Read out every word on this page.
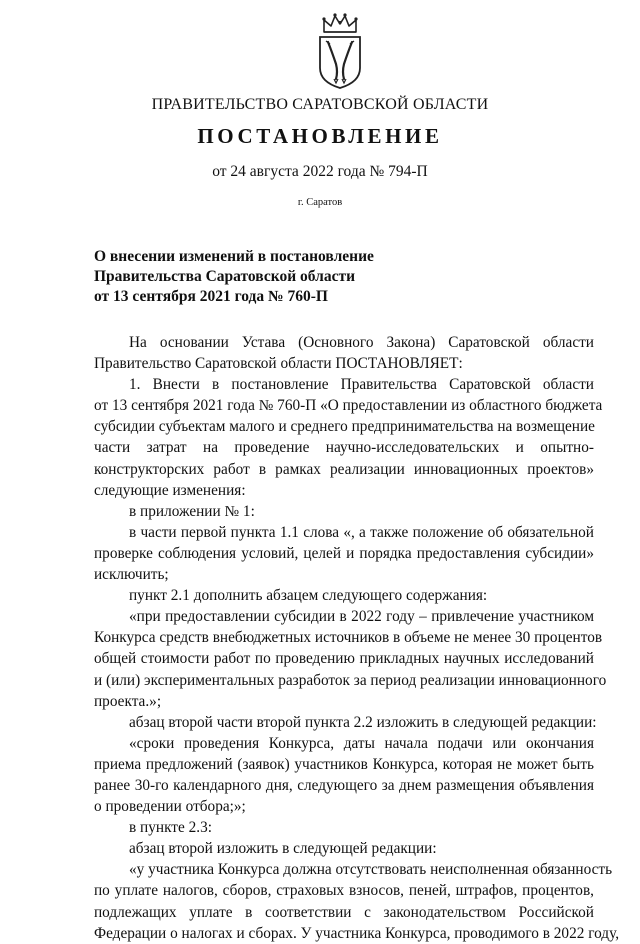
ПРАВИТЕЛЬСТВО САРАТОВСКОЙ ОБЛАСТИ
ПОСТАНОВЛЕНИЕ
от 24 августа 2022 года № 794-П
г. Саратов
О внесении изменений в постановление
Правительства Саратовской области
от 13 сентября 2021 года № 760-П
На основании Устава (Основного Закона) Саратовской области
Правительство Саратовской области ПОСТАНОВЛЯЕТ:
1. Внести в постановление Правительства Саратовской области
от 13 сентября 2021 года № 760-П «О предоставлении из областного бюджета
субсидии субъектам малого и среднего предпринимательства на возмещение
части затрат на проведение научно-исследовательских и опытно-
конструкторских работ в рамках реализации инновационных проектов»
следующие изменения:
в приложении № 1:
в части первой пункта 1.1 слова «, а также положение об обязательной
проверке соблюдения условий, целей и порядка предоставления субсидии»
исключить;
пункт 2.1 дополнить абзацем следующего содержания:
«при предоставлении субсидии в 2022 году – привлечение участником
Конкурса средств внебюджетных источников в объеме не менее 30 процентов
общей стоимости работ по проведению прикладных научных исследований
и (или) экспериментальных разработок за период реализации инновационного
проекта.»;
абзац второй части второй пункта 2.2 изложить в следующей редакции:
«сроки проведения Конкурса, даты начала подачи или окончания
приема предложений (заявок) участников Конкурса, которая не может быть
ранее 30-го календарного дня, следующего за днем размещения объявления
о проведении отбора;»;
в пункте 2.3:
абзац второй изложить в следующей редакции:
«у участника Конкурса должна отсутствовать неисполненная обязанность
по уплате налогов, сборов, страховых взносов, пеней, штрафов, процентов,
подлежащих уплате в соответствии с законодательством Российской
Федерации о налогах и сборах. У участника Конкурса, проводимого в 2022 году,
